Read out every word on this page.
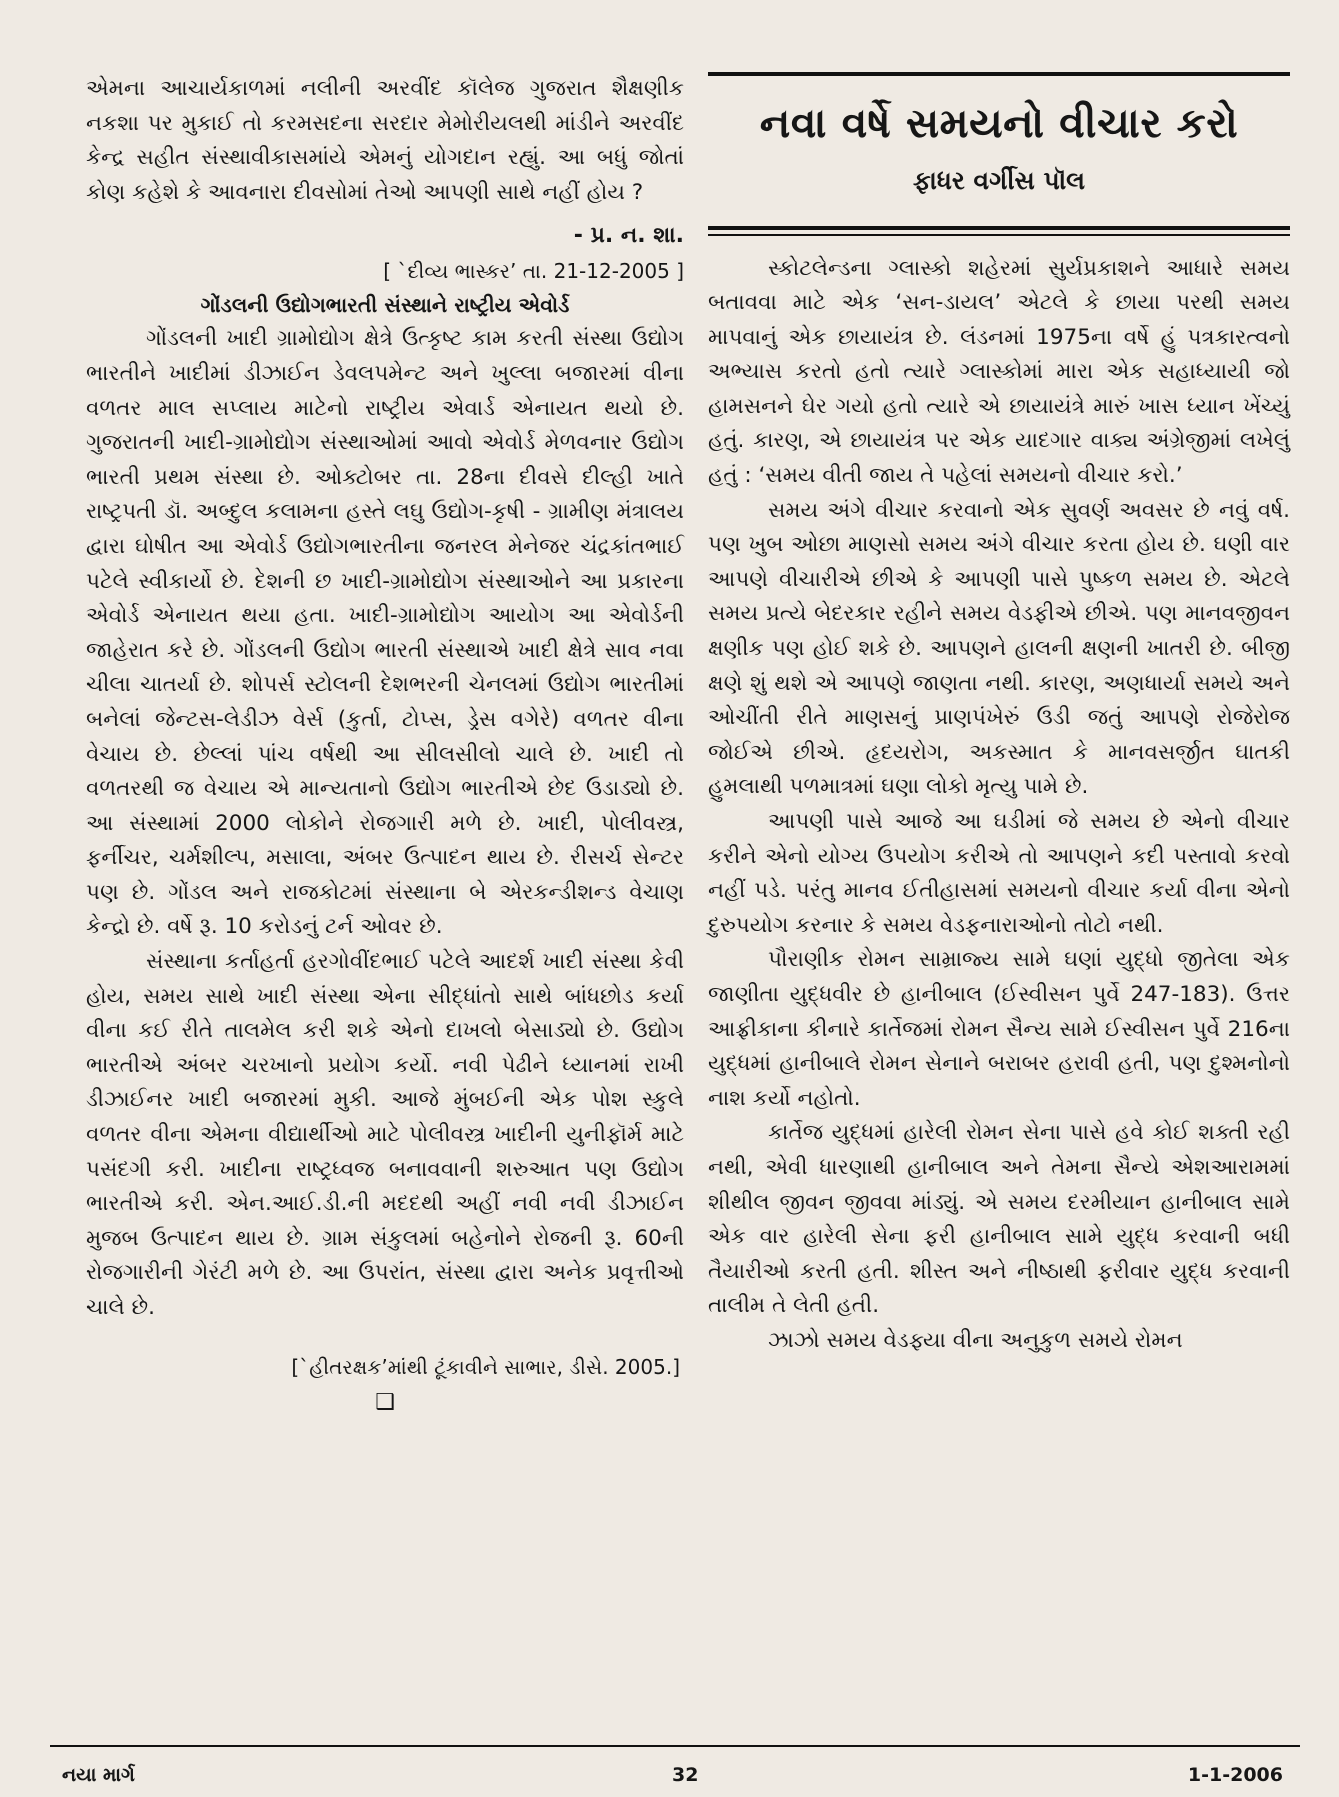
એમના આચાર્યકાળમાં નલીની અરવીંદ કૉલેજ ગુજરાત શૈક્ષણીક નકશા પર મુકાઈ તો કરમસદના સરદાર મેમોરીયલથી માંડીને અરવીંદ કેન્દ્ર સહીત સંસ્થાવીકાસમાંયે એમનું યોગદાન રહ્યું. આ બધું જોતાં કોણ કહેશે કે આવનારા દીવસોમાં તેઓ આપણી સાથે નહીં હોય ?

- પ્ર. ન. શા.
[ `દીવ્ય ભાસ્કર’ તા. 21-12-2005 ]
ગોંડલની ઉદ્યોગભારતી સંસ્થાને રાષ્ટ્રીય એવોર્ડ

ગોંડલની ખાદી ગ્રામોદ્યોગ ક્ષેત્રે ઉત્કૃષ્ટ કામ કરતી સંસ્થા ઉદ્યોગ ભારતીને ખાદીમાં ડીઝાઈન ડેવલપમેન્ટ અને ખુલ્લા બજારમાં વીના વળતર માલ સપ્લાય માટેનો રાષ્ટ્રીય એવાર્ડ એનાયત થયો છે. ગુજરાતની ખાદી-ગ્રામોદ્યોગ સંસ્થાઓમાં આવો એવોર્ડ મેળવનાર ઉદ્યોગ ભારતી પ્રથમ સંસ્થા છે. ઓક્ટોબર તા. 28ના દીવસે દીલ્હી ખાતે રાષ્ટ્રપતી ડૉ. અબ્દુલ કલામના હસ્તે લઘુ ઉદ્યોગ-કૃષી - ગ્રામીણ મંત્રાલય દ્વારા ઘોષીત આ એવોર્ડ ઉદ્યોગભારતીના જનરલ મેનેજર ચંદ્રકાંતભાઈ પટેલે સ્વીકાર્યો છે. દેશની છ ખાદી-ગ્રામોદ્યોગ સંસ્થાઓને આ પ્રકારના એવોર્ડ એનાયત થયા હતા. ખાદી-ગ્રામોદ્યોગ આયોગ આ એવોર્ડની જાહેરાત કરે છે. ગોંડલની ઉદ્યોગ ભારતી સંસ્થાએ ખાદી ક્ષેત્રે સાવ નવા ચીલા ચાતર્યા છે. શોપર્સ સ્ટોલની દેશભરની ચેનલમાં ઉદ્યોગ ભારતીમાં બનેલાં જેન્ટસ-લેડીઝ વેર્સ (કુર્તા, ટોપ્સ, ડ્રેસ વગેરે) વળતર વીના વેચાય છે. છેલ્લાં પાંચ વર્ષથી આ સીલસીલો ચાલે છે. ખાદી તો વળતરથી જ વેચાય એ માન્યતાનો ઉદ્યોગ ભારતીએ છેદ ઉડાડ્યો છે. આ સંસ્થામાં 2000 લોકોને રોજગારી મળે છે. ખાદી, પોલીવસ્ત્ર, ફર્નીચર, ચર્મશીલ્પ, મસાલા, અંબર ઉત્પાદન થાય છે. રીસર્ચ સેન્ટર પણ છે. ગોંડલ અને રાજકોટમાં સંસ્થાના બે એરકન્ડીશન્ડ વેચાણ કેન્દ્રો છે. વર્ષે રૂ. 10 કરોડનું ટર્ન ઓવર છે.

સંસ્થાના કર્તાહર્તા હરગોવીંદભાઈ પટેલે આદર્શ ખાદી સંસ્થા કેવી હોય, સમય સાથે ખાદી સંસ્થા એના સીદ્ધાંતો સાથે બાંધછોડ કર્યા વીના કઈ રીતે તાલમેલ કરી શકે એનો દાખલો બેસાડ્યો છે. ઉદ્યોગ ભારતીએ અંબર ચરખાનો પ્રયોગ કર્યો. નવી પેઢીને ધ્યાનમાં રાખી ડીઝાઈનર ખાદી બજારમાં મુકી. આજે મુંબઈની એક પોશ સ્કુલે વળતર વીના એમના વીદ્યાર્થીઓ માટે પોલીવસ્ત્ર ખાદીની યુનીફૉર્મ માટે પસંદગી કરી. ખાદીના રાષ્ટ્રધ્વજ બનાવવાની શરુઆત પણ ઉદ્યોગ ભારતીએ કરી. એન.આઈ.ડી.ની મદદથી અહીં નવી નવી ડીઝાઈન મુજબ ઉત્પાદન થાય છે. ગ્રામ સંકુલમાં બહેનોને રોજની રૂ. 60ની રોજગારીની ગેરંટી મળે છે. આ ઉપરાંત, સંસ્થા દ્વારા અનેક પ્રવૃત્તીઓ ચાલે છે.

[`હીતરક્ષક’માંથી ટૂંકાવીને સાભાર, ડીસે. 2005.]
❑
નવા વર્ષે સમયનો વીચાર કરો
ફાધર વર્ગીસ પૉલ

સ્કોટલેન્ડના ગ્લાસ્કો શહેરમાં સુર્યપ્રકાશને આધારે સમય બતાવવા માટે એક ‘સન-ડાયલ’ એટલે કે છાયા પરથી સમય માપવાનું એક છાયાયંત્ર છે. લંડનમાં 1975ના વર્ષે હું પત્રકારત્વનો અભ્યાસ કરતો હતો ત્યારે ગ્લાસ્કોમાં મારા એક સહાધ્યાયી જો હામસનને ઘેર ગયો હતો ત્યારે એ છાયાયંત્રે મારું ખાસ ધ્યાન ખેંચ્યું હતું. કારણ, એ છાયાયંત્ર પર એક યાદગાર વાક્ય અંગ્રેજીમાં લખેલું હતું : ‘સમય વીતી જાય તે પહેલાં સમયનો વીચાર કરો.’

સમય અંગે વીચાર કરવાનો એક સુવર્ણ અવસર છે નવું વર્ષ. પણ ખુબ ઓછા માણસો સમય અંગે વીચાર કરતા હોય છે. ઘણી વાર આપણે વીચારીએ છીએ કે આપણી પાસે પુષ્કળ સમય છે. એટલે સમય પ્રત્યે બેદરકાર રહીને સમય વેડફીએ છીએ. પણ માનવજીવન ક્ષણીક પણ હોઈ શકે છે. આપણને હાલની ક્ષણની ખાતરી છે. બીજી ક્ષણે શું થશે એ આપણે જાણતા નથી. કારણ, અણધાર્યા સમયે અને ઓચીંતી રીતે માણસનું પ્રાણપંખેરું ઉડી જતું આપણે રોજેરોજ જોઈએ છીએ. હૃદયરોગ, અકસ્માત કે માનવસર્જીત ઘાતકી હુમલાથી પળમાત્રમાં ઘણા લોકો મૃત્યુ પામે છે.

આપણી પાસે આજે આ ઘડીમાં જે સમય છે એનો વીચાર કરીને એનો યોગ્ય ઉપયોગ કરીએ તો આપણને કદી પસ્તાવો કરવો નહીં પડે. પરંતુ માનવ ઈતીહાસમાં સમયનો વીચાર કર્યા વીના એનો દુરુપયોગ કરનાર કે સમય વેડફનારાઓનો તોટો નથી.

પૌરાણીક રોમન સામ્રાજ્ય સામે ઘણાં યુદ્ધો જીતેલા એક જાણીતા યુદ્ધવીર છે હાનીબાલ (ઈસ્વીસન પુર્વે 247-183). ઉત્તર આફ્રીકાના કીનારે કાર્તેજમાં રોમન સૈન્ય સામે ઈસ્વીસન પુર્વે 216ના યુદ્ધમાં હાનીબાલે રોમન સેનાને બરાબર હરાવી હતી, પણ દુશ્મનોનો નાશ કર્યો નહોતો.

કાર્તેજ યુદ્ધમાં હારેલી રોમન સેના પાસે હવે કોઈ શક્તી રહી નથી, એવી ધારણાથી હાનીબાલ અને તેમના સૈન્યે એશઆરામમાં શીથીલ જીવન જીવવા માંડ્યું. એ સમય દરમીયાન હાનીબાલ સામે એક વાર હારેલી સેના ફરી હાનીબાલ સામે યુદ્ધ કરવાની બધી તૈયારીઓ કરતી હતી. શીસ્ત અને નીષ્ઠાથી ફરીવાર યુદ્ધ કરવાની તાલીમ તે લેતી હતી.

ઝાઝો સમય વેડફ્યા વીના અનુકુળ સમયે રોમન

નયા માર્ગ	32	1-1-2006
